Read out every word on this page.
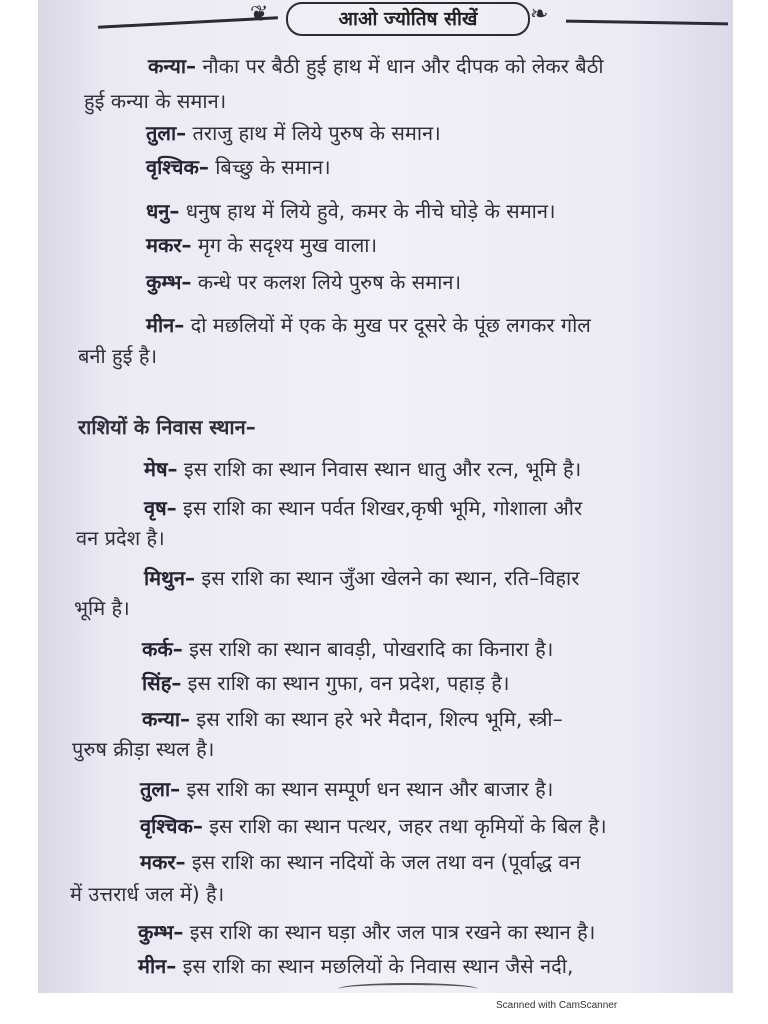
❦	आओ ज्योतिष सीखें	❧
कन्या– नौका पर बैठी हुई हाथ में धान और दीपक को लेकर बैठी
हुई कन्या के समान।
तुला– तराजु हाथ में लिये पुरुष के समान।
वृश्चिक– बिच्छु के समान।
धनु– धनुष हाथ में लिये हुवे, कमर के नीचे घोड़े के समान।
मकर– मृग के सदृश्य मुख वाला।
कुम्भ– कन्धे पर कलश लिये पुरुष के समान।
मीन– दो मछलियों में एक के मुख पर दूसरे के पूंछ लगकर गोल
बनी हुई है।
राशियों के निवास स्थान–
मेष– इस राशि का स्थान निवास स्थान धातु और रत्न, भूमि है।
वृष– इस राशि का स्थान पर्वत शिखर,कृषी भूमि, गोशाला और
वन प्रदेश है।
मिथुन– इस राशि का स्थान जुँआ खेलने का स्थान, रति–विहार
भूमि है।
कर्क– इस राशि का स्थान बावड़ी, पोखरादि का किनारा है।
सिंह– इस राशि का स्थान गुफा, वन प्रदेश, पहाड़ है।
कन्या– इस राशि का स्थान हरे भरे मैदान, शिल्प भूमि, स्त्री–
पुरुष क्रीड़ा स्थल है।
तुला– इस राशि का स्थान सम्पूर्ण धन स्थान और बाजार है।
वृश्चिक– इस राशि का स्थान पत्थर, जहर तथा कृमियों के बिल है।
मकर– इस राशि का स्थान नदियों के जल तथा वन (पूर्वाद्ध वन
में उत्तरार्ध जल में) है।
कुम्भ– इस राशि का स्थान घड़ा और जल पात्र रखने का स्थान है।
मीन– इस राशि का स्थान मछलियों के निवास स्थान जैसे नदी,
Scanned with CamScanner
